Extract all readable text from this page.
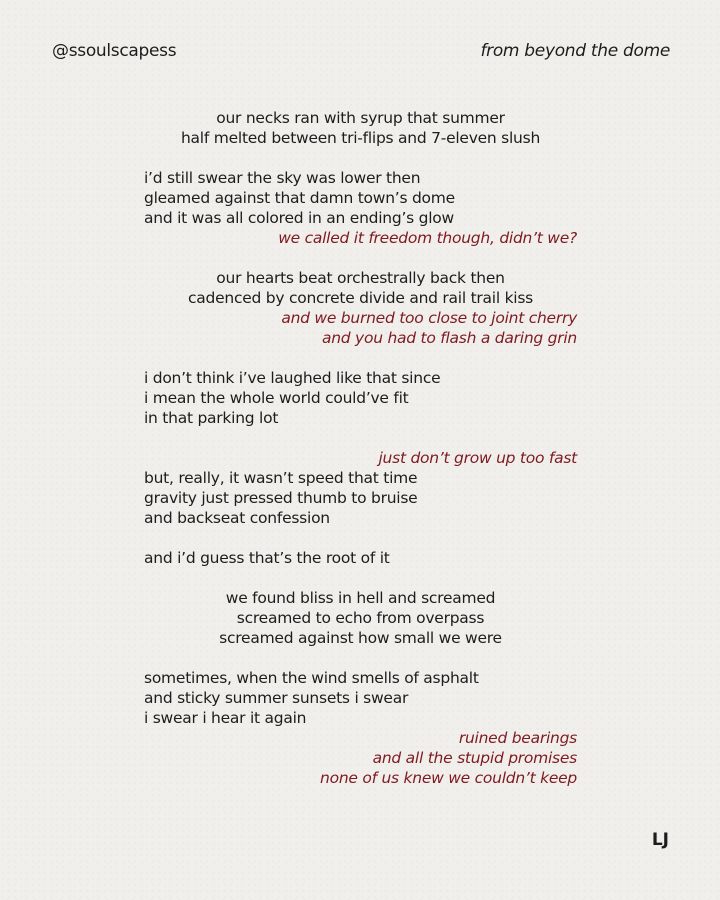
@ssoulscapess	from beyond the dome
our necks ran with syrup that summer
half melted between tri-flips and 7-eleven slush
i’d still swear the sky was lower then
gleamed against that damn town’s dome
and it was all colored in an ending’s glow
we called it freedom though, didn’t we?
our hearts beat orchestrally back then
cadenced by concrete divide and rail trail kiss
and we burned too close to joint cherry
and you had to flash a daring grin
i don’t think i’ve laughed like that since
i mean the whole world could’ve fit
in that parking lot
just don’t grow up too fast
but, really, it wasn’t speed that time
gravity just pressed thumb to bruise
and backseat confession
and i’d guess that’s the root of it
we found bliss in hell and screamed
screamed to echo from overpass
screamed against how small we were
sometimes, when the wind smells of asphalt
and sticky summer sunsets i swear
i swear i hear it again
ruined bearings
and all the stupid promises
none of us knew we couldn’t keep
LJ
